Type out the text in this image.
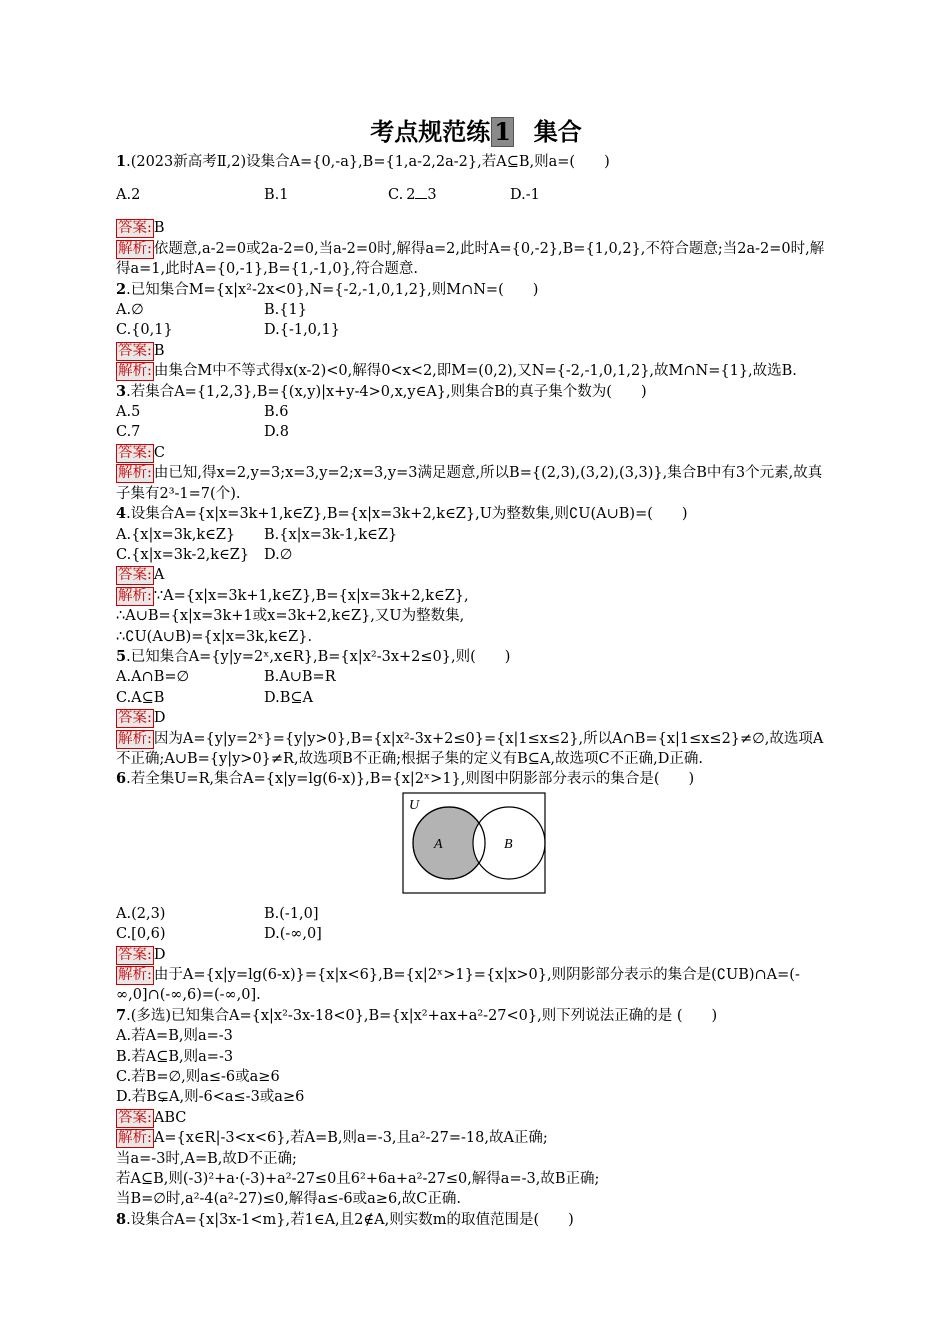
考点规范练 1 集合
1.(2023新高考Ⅱ,2)设集合A={0,-a},B={1,a-2,2a-2},若A⊆B,则a=(　　)
A.2	B.1	C. 2 3	D.-1
答案: B
解析: 依题意,a-2=0或2a-2=0,当a-2=0时,解得a=2,此时A={0,-2},B={1,0,2},不符合题意;当2a-2=0时,解得a=1,此时A={0,-1},B={1,-1,0},符合题意.
2.已知集合M={x|x²-2x<0},N={-2,-1,0,1,2},则M∩N=(　　)
A.∅	B.{1}
C.{0,1}	D.{-1,0,1}
答案: B
解析: 由集合M中不等式得x(x-2)<0,解得0<x<2,即M=(0,2),又N={-2,-1,0,1,2},故M∩N={1},故选B.
3.若集合A={1,2,3},B={(x,y)|x+y-4>0,x,y∈A},则集合B的真子集个数为(　　)
A.5	B.6
C.7	D.8
答案: C
解析: 由已知,得x=2,y=3;x=3,y=2;x=3,y=3满足题意,所以B={(2,3),(3,2),(3,3)},集合B中有3个元素,故真子集有2³-1=7(个).
4.设集合A={x|x=3k+1,k∈Z},B={x|x=3k+2,k∈Z},U为整数集,则∁U(A∪B)=(　　)
A.{x|x=3k,k∈Z}	B.{x|x=3k-1,k∈Z}
C.{x|x=3k-2,k∈Z}	D.∅
答案: A
解析: ∵A={x|x=3k+1,k∈Z},B={x|x=3k+2,k∈Z},
∴A∪B={x|x=3k+1或x=3k+2,k∈Z},又U为整数集,
∴∁U(A∪B)={x|x=3k,k∈Z}.
5.已知集合A={y|y=2ˣ,x∈R},B={x|x²-3x+2≤0},则(　　)
A.A∩B=∅	B.A∪B=R
C.A⊆B	D.B⊆A
答案: D
解析: 因为A={y|y=2ˣ}={y|y>0},B={x|x²-3x+2≤0}={x|1≤x≤2},所以A∩B={x|1≤x≤2}≠∅,故选项A不正确;A∪B={y|y>0}≠R,故选项B不正确;根据子集的定义有B⊆A,故选项C不正确,D正确.
6.若全集U=R,集合A={x|y=lg(6-x)},B={x|2ˣ>1},则图中阴影部分表示的集合是(　　)
U
A	B
A.(2,3)	B.(-1,0]
C.[0,6)	D.(-∞,0]
答案: D
解析: 由于A={x|y=lg(6-x)}={x|x<6},B={x|2ˣ>1}={x|x>0},则阴影部分表示的集合是(∁UB)∩A=(-∞,0]∩(-∞,6)=(-∞,0].
7.(多选)已知集合A={x|x²-3x-18<0},B={x|x²+ax+a²-27<0},则下列说法正确的是 (　　)
A.若A=B,则a=-3
B.若A⊆B,则a=-3
C.若B=∅,则a≤-6或a≥6
D.若B⊊A,则-6<a≤-3或a≥6
答案: ABC
解析: A={x∈R|-3<x<6},若A=B,则a=-3,且a²-27=-18,故A正确;
当a=-3时,A=B,故D不正确;
若A⊆B,则(-3)²+a·(-3)+a²-27≤0且6²+6a+a²-27≤0,解得a=-3,故B正确;
当B=∅时,a²-4(a²-27)≤0,解得a≤-6或a≥6,故C正确.
8.设集合A={x|3x-1<m},若1∈A,且2∉A,则实数m的取值范围是(　　)
